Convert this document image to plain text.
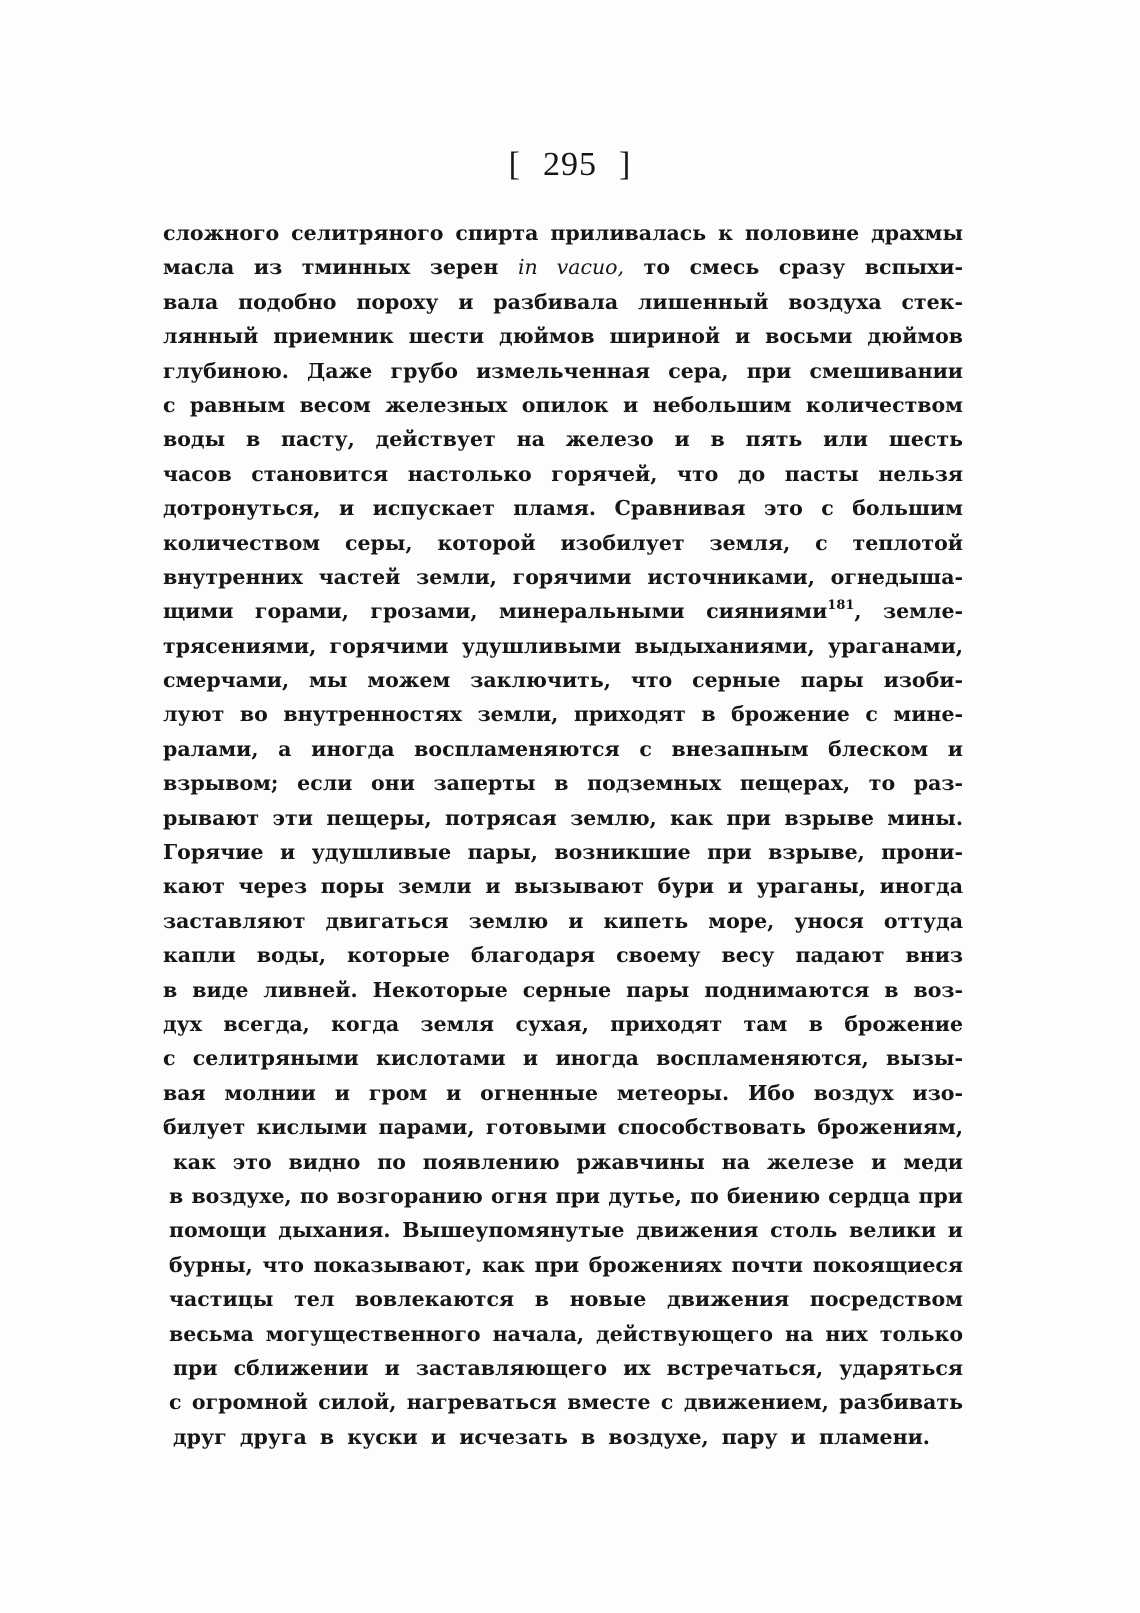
[ 295 ]
сложного селитряного спирта приливалась к половине драхмы
масла из тминных зерен in vacuo, то смесь сразу вспыхи-
вала подобно пороху и разбивала лишенный воздуха стек-
лянный приемник шести дюймов шириной и восьми дюймов
глубиною. Даже грубо измельченная сера, при смешивании
с равным весом железных опилок и небольшим количеством
воды в пасту, действует на железо и в пять или шесть
часов становится настолько горячей, что до пасты нельзя
дотронуться, и испускает пламя. Сравнивая это с большим
количеством серы, которой изобилует земля, с теплотой
внутренних частей земли, горячими источниками, огнедыша-
щими горами, грозами, минеральными сияниями$^{181}$, земле-
трясениями, горячими удушливыми выдыханиями, ураганами,
смерчами, мы можем заключить, что серные пары изоби-
луют во внутренностях земли, приходят в брожение с мине-
ралами, а иногда воспламеняются с внезапным блеском и
взрывом; если они заперты в подземных пещерах, то раз-
рывают эти пещеры, потрясая землю, как при взрыве мины.
Горячие и удушливые пары, возникшие при взрыве, прони-
кают через поры земли и вызывают бури и ураганы, иногда
заставляют двигаться землю и кипеть море, унося оттуда
капли воды, которые благодаря своему весу падают вниз
в виде ливней. Некоторые серные пары поднимаются в воз-
дух всегда, когда земля сухая, приходят там в брожение
с селитряными кислотами и иногда воспламеняются, вызы-
вая молнии и гром и огненные метеоры. Ибо воздух изо-
билует кислыми парами, готовыми способствовать брожениям,
как это видно по появлению ржавчины на железе и меди
в воздухе, по возгоранию огня при дутье, по биению сердца при
помощи дыхания. Вышеупомянутые движения столь велики и
бурны, что показывают, как при брожениях почти покоящиеся
частицы тел вовлекаются в новые движения посредством
весьма могущественного начала, действующего на них только
при сближении и заставляющего их встречаться, ударяться
с огромной силой, нагреваться вместе с движением, разбивать
друг друга в куски и исчезать в воздухе, пару и пламени.
